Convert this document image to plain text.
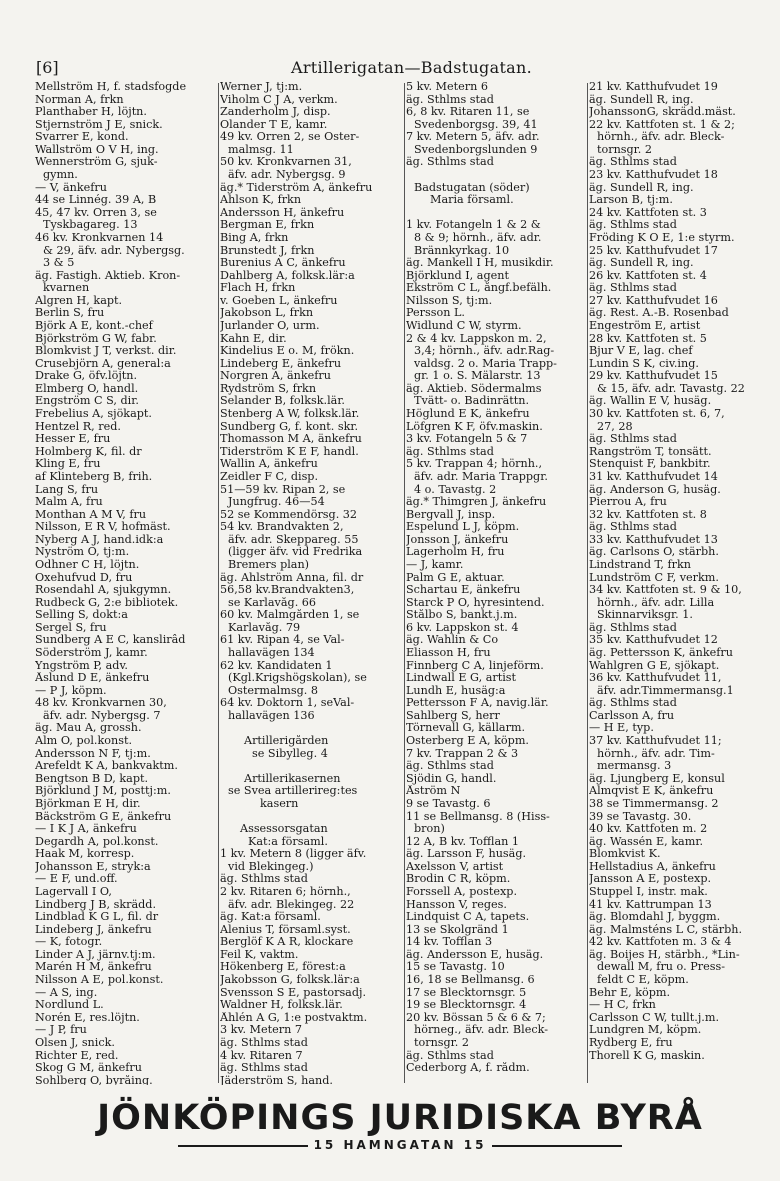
[6]	Artillerigatan—Badstugatan.
Mellström H, f. stadsfogde
Norman A, frkn
Planthaber H, löjtn.
Stjernström J E, snick.
Svarrer E, kond.
Wallström O V H, ing.
Wennerström G, sjuk-
gymn.
— V, änkefru
44 se Linnég. 39 A, B
45, 47 kv. Orren 3, se
Tyskbagareg. 13
46 kv. Kronkvarnen 14
& 29, äfv. adr. Nybergsg.
3 & 5
äg. Fastigh. Aktieb. Kron-
kvarnen
Algren H, kapt.
Berlin S, fru
Björk A E, kont.-chef
Björkström G W, fabr.
Blomkvist J T, verkst. dir.
Crusebjörn A, general:a
Drake G, öfv.löjtn.
Elmberg O, handl.
Engström C S, dir.
Frebelius A, sjökapt.
Hentzel R, red.
Hesser E, fru
Holmberg K, fil. dr
Kling E, fru
af Klinteberg B, frih.
Lang S, fru
Malm A, fru
Monthan A M V, fru
Nilsson, E R V, hofmäst.
Nyberg A J, hand.idk:a
Nyström O, tj:m.
Odhner C H, löjtn.
Oxehufvud D, fru
Rosendahl A, sjukgymn.
Rudbeck G, 2:e bibliotek.
Selling S, dokt:a
Sergel S, fru
Sundberg A E C, kanslirâd
Söderström J, kamr.
Yngström P, adv.
Åslund D E, änkefru
— P J, köpm.
48 kv. Kronkvarnen 30,
äfv. adr. Nybergsg. 7
äg. Mau A, grossh.
Alm O, pol.konst.
Andersson N F, tj:m.
Arefeldt K A, bankvaktm.
Bengtson B D, kapt.
Björklund J M, posttj:m.
Björkman E H, dir.
Bäckström G E, änkefru
— I K J A, änkefru
Degardh A, pol.konst.
Haak M, korresp.
Johansson E, stryk:a
— E F, und.off.
Lagervall I O,
Lindberg J B, skrädd.
Lindblad K G L, fil. dr
Lindeberg J, änkefru
— K, fotogr.
Linder A J, järnv.tj:m.
Marén H M, änkefru
Nilsson A E, pol.konst.
— A S, ing.
Nordlund L.
Norén E, res.löjtn.
— J P, fru
Olsen J, snick.
Richter E, red.
Skog G M, änkefru
Sohlberg O, byråing.
Werner J, tj:m.
Viholm C J A, verkm.
Zanderholm J, disp.
Ölander T E, kamr.
49 kv. Orren 2, se Öster-
malmsg. 11
50 kv. Kronkvarnen 31,
äfv. adr. Nybergsg. 9
äg.* Tiderström A, änkefru
Ahlson K, frkn
Andersson H, änkefru
Bergman E, frkn
Bing A, frkn
Brunstedt J, frkn
Burenius A C, änkefru
Dahlberg A, folksk.lär:a
Flach H, frkn
v. Goeben L, änkefru
Jakobson L, frkn
Jurlander O, urm.
Kahn E, dir.
Kindelius E o. M, frökn.
Lindeberg E, änkefru
Norgren A, änkefru
Rydström S, frkn
Selander B, folksk.lär.
Stenberg A W, folksk.lär.
Sundberg G, f. kont. skr.
Thomasson M A, änkefru
Tiderström K E F, handl.
Wallin A, änkefru
Zeidler F C, disp.
51—59 kv. Ripan 2, se
Jungfrug. 46—54
52 se Kommendörsg. 32
54 kv. Brandvakten 2,
äfv. adr. Skeppareg. 55
(ligger äfv. vid Fredrika
Bremers plan)
äg. Ahlström Anna, fil. dr
56,58 kv.Brandvakten3,
se Karlavåg. 66
60 kv. Malmgården 1, se
Karlavåg. 79
61 kv. Ripan 4, se Val-
hallavägen 134
62 kv. Kandidaten 1
(Kgl.Krigshögskolan), se
Östermalmsg. 8
64 kv. Doktorn 1, seVal-
hallavägen 136
Artillerigården
se Sibylleg. 4
Artillerikasernen
se Svea artillerireg:tes
kasern
Assessorsgatan
Kat:a församl.
1 kv. Metern 8 (ligger äfv.
vid Blekingeg.)
äg. Sthlms stad
2 kv. Ritaren 6; hörnh.,
äfv. adr. Blekingeg. 22
äg. Kat:a församl.
Alenius T, församl.syst.
Berglöf K A R, klockare
Feil K, vaktm.
Hökenberg E, förest:a
Jakobsson G, folksk.lär:a
Svensson S E, pastorsadj.
Waldner H, folksk.lär.
Åhlén A G, 1:e postvaktm.
3 kv. Metern 7
äg. Sthlms stad
4 kv. Ritaren 7
äg. Sthlms stad
Jäderström S, hand.
5 kv. Metern 6
äg. Sthlms stad
6, 8 kv. Ritaren 11, se
Svedenborgsg. 39, 41
7 kv. Metern 5, äfv. adr.
Svedenborgslunden 9
äg. Sthlms stad
Badstugatan (söder)
Maria församl.
1 kv. Fotangeln 1 & 2 &
8 & 9; hörnh., äfv. adr.
Brännkyrkag. 10
äg. Mankell I H, musikdir.
Björklund I, agent
Ekström C L, ångf.befälh.
Nilsson S, tj:m.
Persson L.
Widlund C W, styrm.
2 & 4 kv. Lappskon m. 2,
3,4; hörnh., äfv. adr.Rag-
valdsg. 2 o. Maria Trapp-
gr. 1 o. S. Mälarstr. 13
äg. Aktieb. Södermalms
Tvätt- o. Badinrättn.
Höglund E K, änkefru
Löfgren K F, öfv.maskin.
3 kv. Fotangeln 5 & 7
äg. Sthlms stad
5 kv. Trappan 4; hörnh.,
äfv. adr. Maria Trappgr.
4 o. Tavastg. 2
äg.* Thimgren J, änkefru
Bergvall J, insp.
Espelund L J, köpm.
Jonsson J, änkefru
Lagerholm H, fru
— J, kamr.
Palm G E, aktuar.
Schartau E, änkefru
Starck P O, hyresintend.
Stålbo S, bankt.j.m.
6 kv. Lappskon st. 4
äg. Wahlin & Co
Eliasson H, fru
Finnberg C A, linjeförm.
Lindwall E G, artist
Lundh E, husäg:a
Pettersson F A, navig.lär.
Sahlberg S, herr
Törnevall G, källarm.
Österberg E A, köpm.
7 kv. Trappan 2 & 3
äg. Sthlms stad
Sjödin G, handl.
Åström N
9 se Tavastg. 6
11 se Bellmansg. 8 (Hiss-
bron)
12 A, B kv. Tofflan 1
äg. Larsson F, husäg.
Axelsson V, artist
Brodin C R, köpm.
Forssell A, postexp.
Hansson V, reges.
Lindquist C A, tapets.
13 se Skolgränd 1
14 kv. Tofflan 3
äg. Andersson E, husäg.
15 se Tavastg. 10
16, 18 se Bellmansg. 6
17 se Blecktornsgr. 5
19 se Blecktornsgr. 4
20 kv. Bössan 5 & 6 & 7;
hörneg., äfv. adr. Bleck-
tornsgr. 2
äg. Sthlms stad
Cederborg A, f. rådm.
21 kv. Katthufvudet 19
äg. Sundell R, ing.
JohanssonG, skrädd.mäst.
22 kv. Kattfoten st. 1 & 2;
hörnh., äfv. adr. Bleck-
tornsgr. 2
äg. Sthlms stad
23 kv. Katthufvudet 18
äg. Sundell R, ing.
Larson B, tj:m.
24 kv. Kattfoten st. 3
äg. Sthlms stad
Fröding K O E, 1:e styrm.
25 kv. Katthufvudet 17
äg. Sundell R, ing.
26 kv. Kattfoten st. 4
äg. Sthlms stad
27 kv. Katthufvudet 16
äg. Rest. A.-B. Rosenbad
Engeström E, artist
28 kv. Kattfoten st. 5
Bjur V E, lag. chef
Lundin S K, civ.ing.
29 kv. Katthufvudet 15
& 15, äfv. adr. Tavastg. 22
äg. Wallin E V, husäg.
30 kv. Kattfoten st. 6, 7,
27, 28
äg. Sthlms stad
Rangström T, tonsätt.
Stenquist F, bankbitr.
31 kv. Katthufvudet 14
äg. Anderson G, husäg.
Pierrou A, fru
32 kv. Kattfoten st. 8
äg. Sthlms stad
33 kv. Katthufvudet 13
äg. Carlsons O, stärbh.
Lindstrand T, frkn
Lundström C F, verkm.
34 kv. Kattfoten st. 9 & 10,
hörnh., äfv. adr. Lilla
Skinnarviksgr. 1.
äg. Sthlms stad
35 kv. Katthufvudet 12
äg. Pettersson K, änkefru
Wahlgren G E, sjökapt.
36 kv. Katthufvudet 11,
äfv. adr.Timmermansg.1
äg. Sthlms stad
Carlsson A, fru
— H E, typ.
37 kv. Katthufvudet 11;
hörnh., äfv. adr. Tim-
mermansg. 3
äg. Ljungberg E, konsul
Almqvist E K, änkefru
38 se Timmermansg. 2
39 se Tavastg. 30.
40 kv. Kattfoten m. 2
äg. Wassén E, kamr.
Blomkvist K.
Hellstadius A, änkefru
Jansson A E, postexp.
Stuppel I, instr. mak.
41 kv. Kattrumpan 13
äg. Blomdahl J, byggm.
äg. Malmsténs L C, stärbh.
42 kv. Kattfoten m. 3 & 4
äg. Boijes H, stärbh., *Lin-
dewall M, fru o. Press-
feldt C E, köpm.
Behr E, köpm.
— H C, frkn
Carlsson C W, tullt.j.m.
Lundgren M, köpm.
Rydberg E, fru
Thorell K G, maskin.
JÖNKÖPINGS JURIDISKA BYRÅ
15 HAMNGATAN 15
